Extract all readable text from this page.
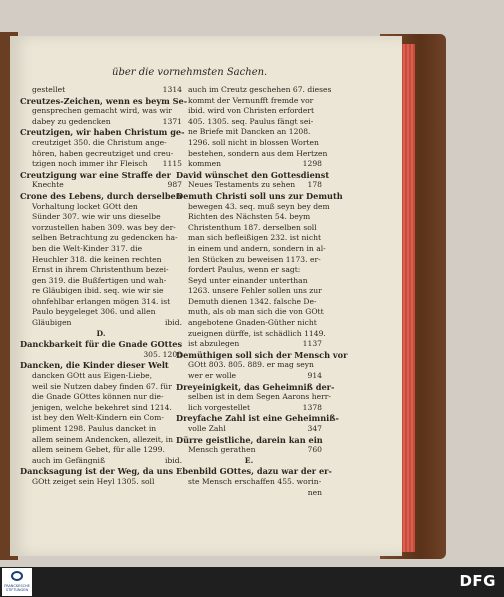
über die vornehmsten Sachen.
gestellet	1314
Creutzes-Zeichen, wenn es beym Se-
gensprechen gemacht wird, was wir
dabey zu gedencken	1371
Creutzigen, wir haben Christum ge-
creutziget 350. die Christum ange-
hören, haben gecreutziget und creu-
tzigen noch immer ihr Fleisch	1115
Creutzigung war eine Straffe der
Knechte	987
Crone des Lebens, durch derselben
Vorhaltung locket GOtt den
Sünder 307. wie wir uns dieselbe
vorzustellen haben 309. was bey der-
selben Betrachtung zu gedencken ha-
ben die Welt-Kinder 317. die
Heuchler 318. die keinen rechten
Ernst in ihrem Christenthum bezei-
gen 319. die Bußfertigen und wah-
re Gläubigen ibid. seq. wie wir sie
ohnfehlbar erlangen mögen 314. ist
Paulo beygeleget 306. und allen
Gläubigen	ibid.
D.
Danckbarkeit für die Gnade GOttes
305. 1208
Dancken, die Kinder dieser Welt
dancken GOtt aus Eigen-Liebe,
weil sie Nutzen dabey finden 67. für
die Gnade GOttes können nur die-
jenigen, welche bekehret sind 1214.
ist bey den Welt-Kindern ein Com-
pliment 1298. Paulus dancket in
allem seinem Andencken, allezeit, in
allem seinem Gebet, für alle 1299.
auch im Gefängniß	ibid.
Dancksagung ist der Weg, da uns
GOtt zeiget sein Heyl 1305. soll
auch im Creutz geschehen 67. dieses
kommt der Vernunfft fremde vor
ibid. wird von Christen erfordert
405. 1305. seq. Paulus fängt sei-
ne Briefe mit Dancken an 1208.
1296. soll nicht in blossen Worten
bestehen, sondern aus dem Hertzen
kommen	1298
David wünschet den Gottesdienst
Neues Testaments zu sehen	178
Demuth Christi soll uns zur Demuth
bewegen 43. seq. muß seyn bey dem
Richten des Nächsten 54. beym
Christenthum 187. derselben soll
man sich befleißigen 232. ist nicht
in einem und andern, sondern in al-
len Stücken zu beweisen 1173. er-
fordert Paulus, wenn er sagt:
Seyd unter einander unterthan
1263. unsere Fehler sollen uns zur
Demuth dienen 1342. falsche De-
muth, als ob man sich die von GOtt
angebotene Gnaden-Güther nicht
zueignen dürffe, ist schädlich 1149.
ist abzulegen	1137
Demüthigen soll sich der Mensch vor
GOtt 803. 805. 889. er mag seyn
wer er wolle	914
Dreyeinigkeit, das Geheimniß der-
selben ist in dem Segen Aarons herr-
lich vorgestellet	1378
Dreyfache Zahl ist eine Geheimniß-
volle Zahl	347
Dürre geistliche, darein kan ein
Mensch gerathen	760
E.
Ebenbild GOttes, dazu war der er-
ste Mensch erschaffen 455. worin-
nen
FRANCKESCHE STIFTUNGEN	DFG
